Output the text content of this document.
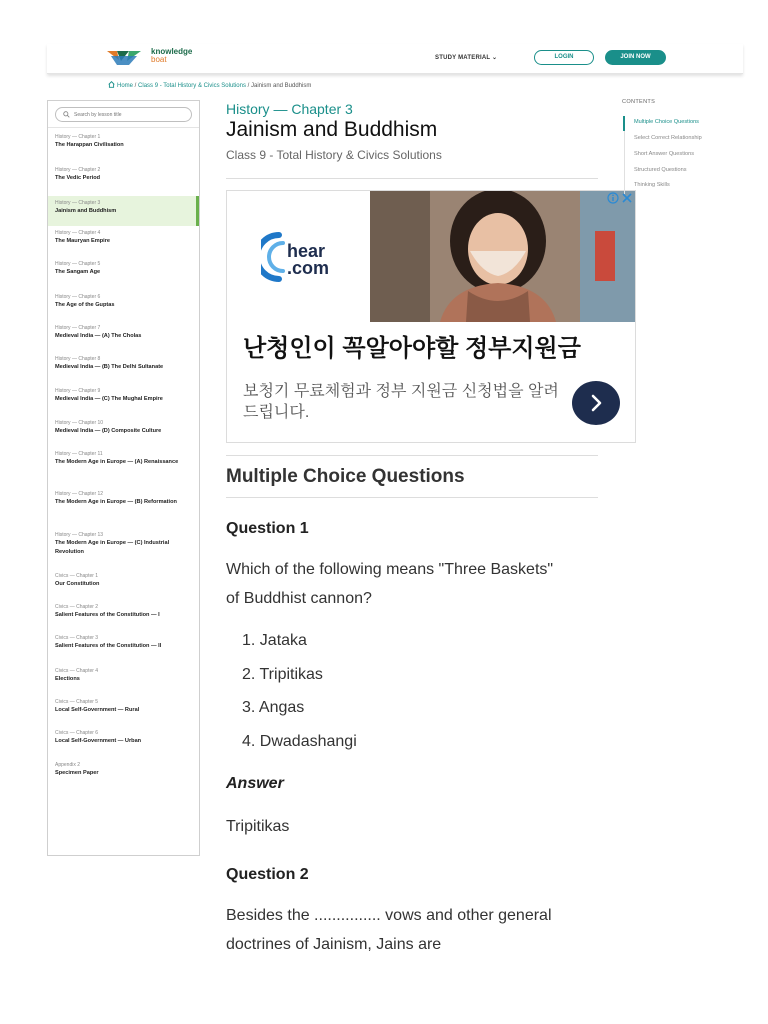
knowledge
boat	STUDY MATERIAL ⌄	LOGIN	JOIN NOW
Home / Class 9 - Total History & Civics Solutions / Jainism and Buddhism
Search by lesson title
History — Chapter 1
The Harappan Civilisation
History — Chapter 2
The Vedic Period
History — Chapter 3
Jainism and Buddhism
History — Chapter 4
The Mauryan Empire
History — Chapter 5
The Sangam Age
History — Chapter 6
The Age of the Guptas
History — Chapter 7
Medieval India — (A) The Cholas
History — Chapter 8
Medieval India — (B) The Delhi Sultanate
History — Chapter 9
Medieval India — (C) The Mughal Empire
History — Chapter 10
Medieval India — (D) Composite Culture
History — Chapter 11
The Modern Age in Europe — (A) Renaissance
History — Chapter 12
The Modern Age in Europe — (B) Reformation
History — Chapter 13
The Modern Age in Europe — (C) Industrial Revolution
Civics — Chapter 1
Our Constitution
Civics — Chapter 2
Salient Features of the Constitution — I
Civics — Chapter 3
Salient Features of the Constitution — II
Civics — Chapter 4
Elections
Civics — Chapter 5
Local Self-Government — Rural
Civics — Chapter 6
Local Self-Government — Urban
Appendix 2
Specimen Paper
History — Chapter 3
Jainism and Buddhism
Class 9 - Total History & Civics Solutions
hear
.com
난청인이 꼭알아야할 정부지원금
보청기 무료체험과 정부 지원금 신청법을 알려드립니다.
Multiple Choice Questions
Question 1
Which of the following means "Three Baskets" of Buddhist cannon?
1. Jataka
2. Tripitikas
3. Angas
4. Dwadashangi
Answer
Tripitikas
Question 2
Besides the ............... vows and other general doctrines of Jainism, Jains are
CONTENTS
Multiple Choice Questions
Select Correct Relationship
Short Answer Questions
Structured Questions
Thinking Skills
